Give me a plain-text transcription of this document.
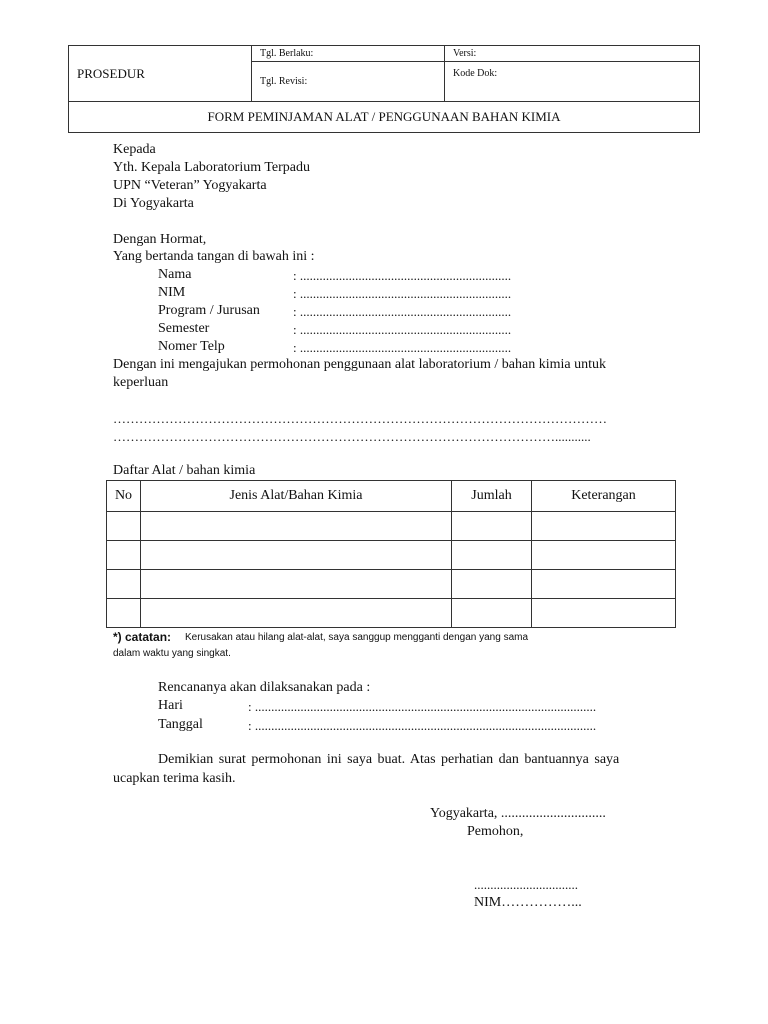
PROSEDUR
Tgl. Berlaku:	Versi:
Tgl. Revisi:
Kode Dok:
FORM PEMINJAMAN ALAT / PENGGUNAAN BAHAN KIMIA
Kepada
Yth. Kepala Laboratorium Terpadu
UPN “Veteran” Yogyakarta
Di Yogyakarta
Dengan Hormat,
Yang bertanda tangan di bawah ini :
Nama	: .................................................................
NIM	: .................................................................
Program / Jurusan	: .................................................................
Semester	: .................................................................
Nomer Telp	: .................................................................
Dengan ini mengajukan permohonan penggunaan alat laboratorium / bahan kimia untuk
keperluan
……………………………………………………………………………………………………
…………………………………………………………………………………………...........
Daftar Alat / bahan kimia
No	Jenis Alat/Bahan Kimia	Jumlah	Keterangan

*) catatan: Kerusakan atau hilang alat-alat, saya sanggup mengganti dengan yang sama
dalam waktu yang singkat.
Rencananya akan dilaksanakan pada :
Hari	: .........................................................................................................
Tanggal	: .........................................................................................................
Demikian surat permohonan ini saya buat. Atas perhatian dan bantuannya saya
ucapkan terima kasih.
Yogyakarta, ..............................
Pemohon,
................................
NIM……………...
